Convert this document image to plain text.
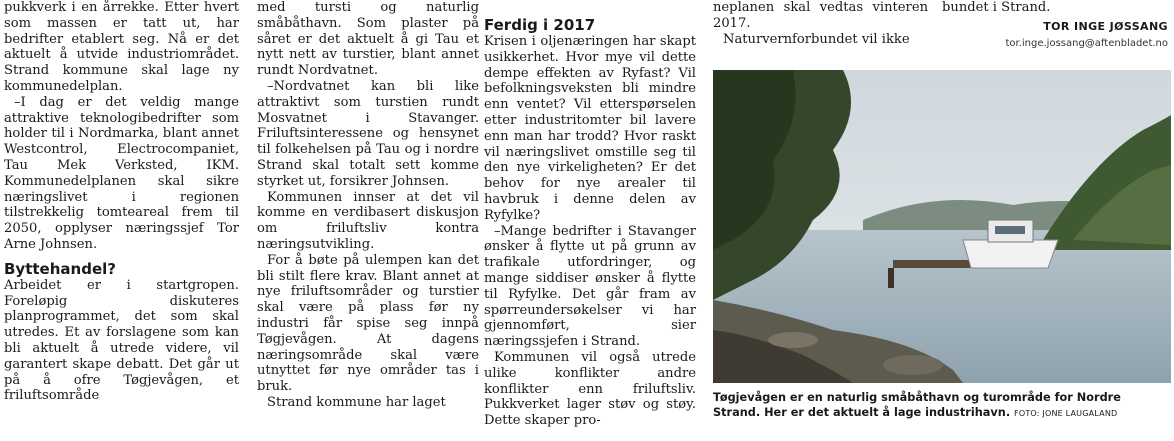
pukkverk i en årrekke. Etter hvert som massen er tatt ut, har bedrifter etablert seg. Nå er det aktuelt å utvide industriområdet. Strand kommune skal lage ny kommunedelplan.

–I dag er det veldig mange attraktive teknologibedrifter som holder til i Nordmarka, blant annet Westcontrol, Electrocompaniet, Tau Mek Verksted, IKM. Kommunedelplanen skal sikre næringslivet i regionen tilstrekkelig tomteareal frem til 2050, opplyser næringssjef Tor Arne Johnsen.

Byttehandel?

Arbeidet er i startgropen. Foreløpig diskuteres planprogrammet, det som skal utredes. Et av forslagene som kan bli aktuelt å utrede videre, vil garantert skape debatt. Det går ut på å ofre Tøgjevågen, et friluftsområde

med tursti og naturlig småbåthavn. Som plaster på såret er det aktuelt å gi Tau et nytt nett av turstier, blant annet rundt Nordvatnet.

–Nordvatnet kan bli like attraktivt som turstien rundt Mosvatnet i Stavanger. Friluftsinteressene og hensynet til folkehelsen på Tau og i nordre Strand skal totalt sett komme styrket ut, forsikrer Johnsen.

Kommunen innser at det vil komme en verdibasert diskusjon om friluftsliv kontra næringsutvikling.

For å bøte på ulempen kan det bli stilt flere krav. Blant annet at nye friluftsområder og turstier skal være på plass før ny industri får spise seg innpå Tøgjevågen. At dagens næringsområde skal være utnyttet før nye områder tas i bruk.

Strand kommune har laget

Ferdig i 2017

Krisen i oljenæringen har skapt usikkerhet. Hvor mye vil dette dempe effekten av Ryfast? Vil befolkningsveksten bli mindre enn ventet? Vil etterspørselen etter industritomter bil lavere enn man har trodd? Hvor raskt vil næringslivet omstille seg til den nye virkeligheten? Er det behov for nye arealer til havbruk i denne delen av Ryfylke?

–Mange bedrifter i Stavanger ønsker å flytte ut på grunn av trafikale utfordringer, og mange siddiser ønsker å flytte til Ryfylke. Det går fram av spørreundersøkelser vi har gjennomført, sier næringssjefen i Strand.

Kommunen vil også utrede ulike konflikter andre konflikter enn friluftsliv. Pukkverket lager støv og støy. Dette skaper pro-

neplanen skal vedtas vinteren 2017.

Naturvernforbundet vil ikke

bundet i Strand.

TOR INGE JØSSANG
tor.inge.jossang@aftenbladet.no
Tøgjevågen er en naturlig småbåthavn og turområde for Nordre Strand. Her er det aktuelt å lage industrihavn. FOTO: JONE LAUGALAND
